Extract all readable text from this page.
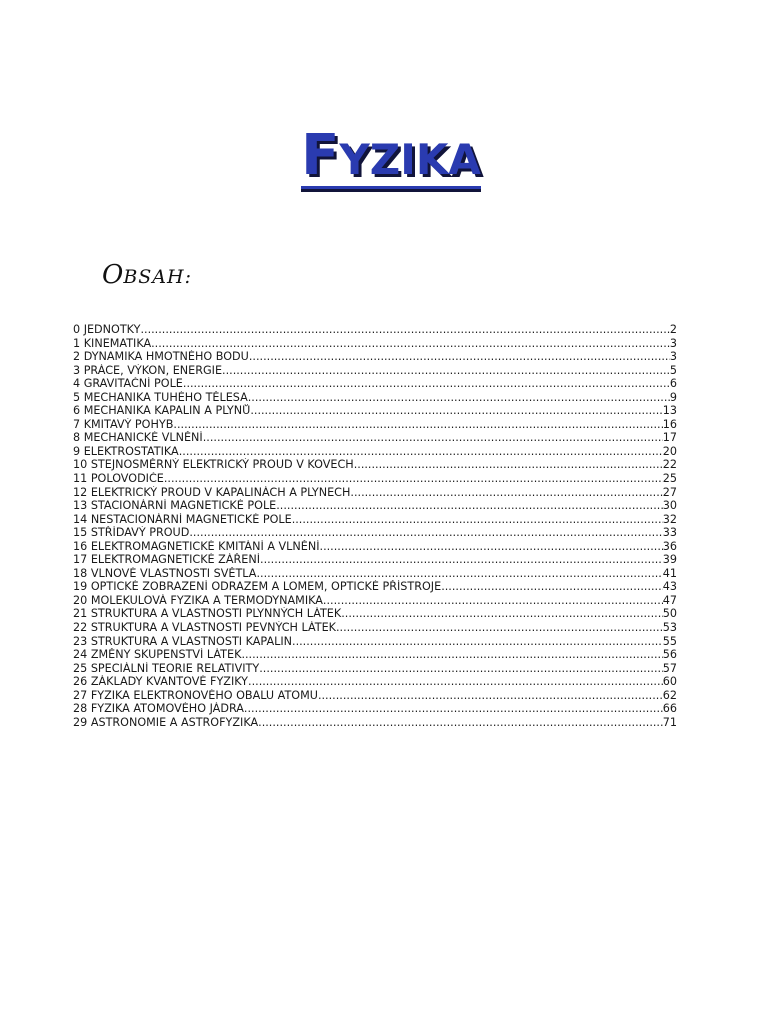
FYZIKA
OBSAH:
0 JEDNOTKY .....	2
1 KINEMATIKA .....	3
2 DYNAMIKA HMOTNÉHO BODU .....	3
3 PRÁCE, VÝKON, ENERGIE .....	5
4 GRAVITAČNÍ POLE .....	6
5 MECHANIKA TUHÉHO TĚLESA .....	9
6 MECHANIKA KAPALIN A PLYNŮ .....	13
7 KMITAVÝ POHYB .....	16
8 MECHANICKÉ VLNĚNÍ .....	17
9 ELEKTROSTATIKA .....	20
10 STEJNOSMĚRNÝ ELEKTRICKÝ PROUD V KOVECH .....	22
11 POLOVODIČE .....	25
12 ELEKTRICKÝ PROUD V KAPALINÁCH A PLYNECH .....	27
13 STACIONÁRNÍ MAGNETICKÉ POLE .....	30
14 NESTACIONÁRNÍ MAGNETICKÉ POLE .....	32
15 STŘÍDAVÝ PROUD .....	33
16 ELEKTROMAGNETICKÉ KMITÁNÍ A VLNĚNÍ .....	36
17 ELEKTROMAGNETICKÉ ZÁŘENÍ .....	39
18 VLNOVÉ VLASTNOSTI SVĚTLA .....	41
19 OPTICKÉ ZOBRAZENÍ ODRAZEM A LOMEM, OPTICKÉ PŘÍSTROJE .....	43
20 MOLEKULOVÁ FYZIKA A TERMODYNAMIKA .....	47
21 STRUKTURA A VLASTNOSTI PLYNNÝCH LÁTEK .....	50
22 STRUKTURA A VLASTNOSTI PEVNÝCH LÁTEK .....	53
23 STRUKTURA A VLASTNOSTI KAPALIN .....	55
24 ZMĚNY SKUPENSTVÍ LÁTEK .....	56
25 SPECIÁLNÍ TEORIE RELATIVITY .....	57
26 ZÁKLADY KVANTOVÉ FYZIKY .....	60
27 FYZIKA ELEKTRONOVÉHO OBALU ATOMU .....	62
28 FYZIKA ATOMOVÉHO JÁDRA .....	66
29 ASTRONOMIE A ASTROFYZIKA .....	71
